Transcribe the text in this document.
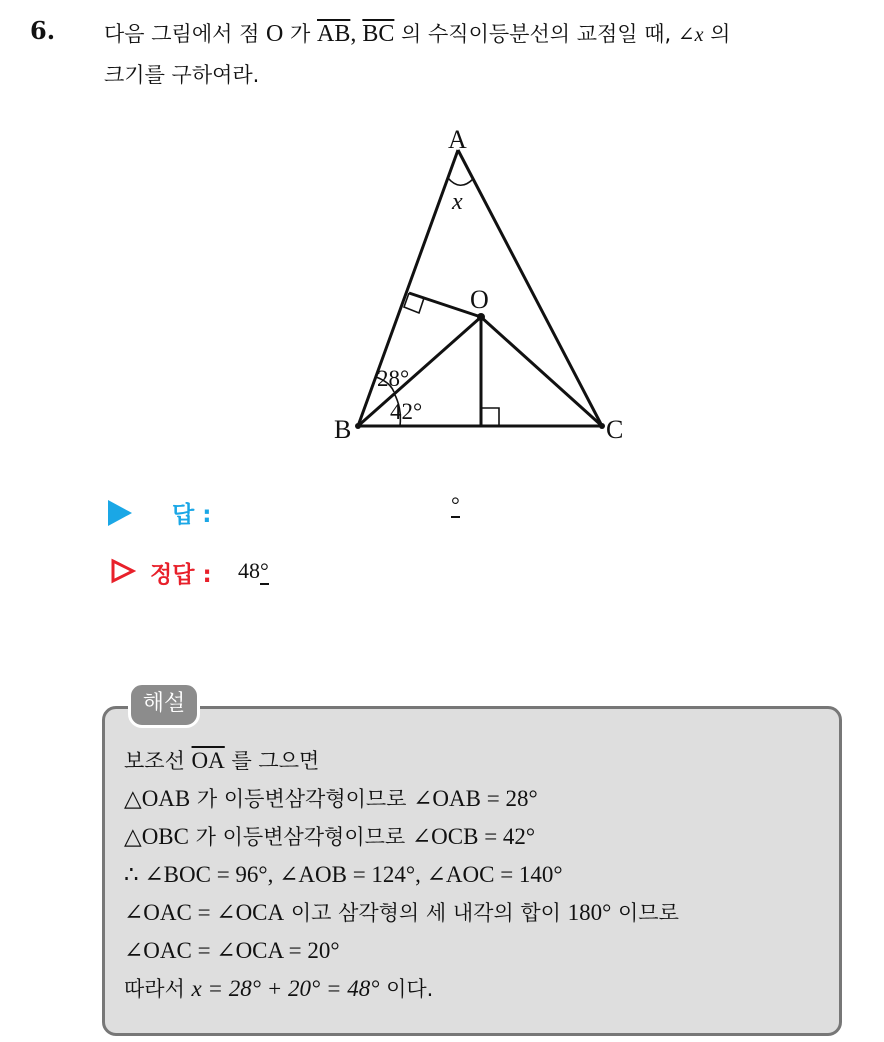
6. 다음 그림에서 점 O 가 $\overline{AB}$, $\overline{BC}$ 의 수직이등분선의 교점일 때, ∠x 의
크기를 구하여라.
A
B	C
O
x
28°
42°
답 :	°
정답 : 48°
해설
보조선 $\overline{OA}$ 를 그으면
△OAB 가 이등변삼각형이므로 ∠OAB = 28°
△OBC 가 이등변삼각형이므로 ∠OCB = 42°
∴ ∠BOC = 96°, ∠AOB = 124°, ∠AOC = 140°
∠OAC = ∠OCA 이고 삼각형의 세 내각의 합이 180° 이므로
∠OAC = ∠OCA = 20°
따라서 x = 28° + 20° = 48° 이다.
